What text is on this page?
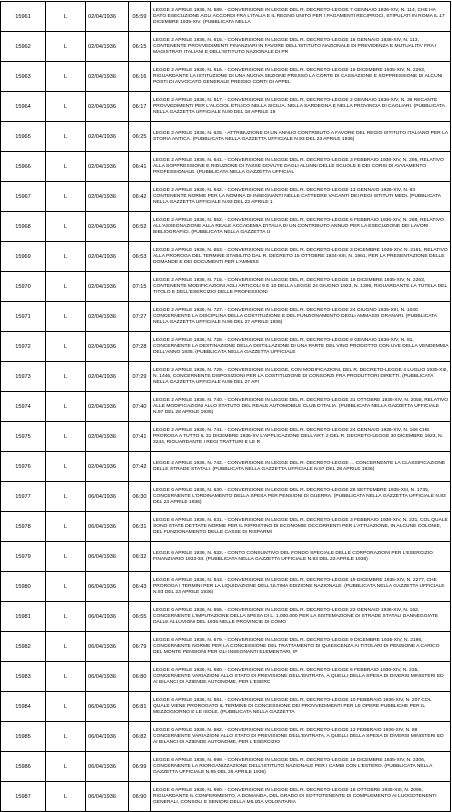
15961	L	02/04/1936	05:59	LEGGE 2 APRILE 1936, N. 589. - CONVERSIONE IN LEGGE DEL R. DECRETO-LEGGE 7 GENNAIO 1936-XIV, N. 114, CHE HA DATO ESECUZIONE AGLI ACCORDI FRA L'ITALIA E IL REGNO UNITO PER I PAGAMENTI RECIPROCI, STIPULATI IN ROMA IL 17 DICEMBRE 1935-XIV. (PUBBLICATA NELLA

15962	L	02/04/1936	06:15	LEGGE 2 APRILE 1936, N. 615. - CONVERSIONE IN LEGGE DEL R. DECRETO-LEGGE 16 GENNAIO 1936-XIV, N. 113, CONTENENTE PROVVEDIMENTI FINANZIARI IN FAVORE DELL'ISTITUTO NAZIONALE DI PREVIDENZA E MUTUALITA' FRA I MAGISTRATI ITALIANI E DELL'ISTITUTO NAZIONALE DI PR

15963	L	02/04/1936	06:16	LEGGE 2 APRILE 1936, N. 616. - CONVERSIONE IN LEGGE DEL R. DECRETO-LEGGE 16 DICEMBRE 1935-XIV, N. 2293, RIGUARDANTE LA ISTITUZIONE DI UNA NUOVA SEZIONE PRESSO LA CORTE DI CASSAZIONE E SOPPRESSIONE DI ALCUNI POSTI DI AVVOCATO GENERALE PRESSO CORTI DI APPEL

15964	L	02/04/1936	06:17	LEGGE 2 APRILE 1936, N. 617. - CONVERSIONE IN LEGGE DEL R. DECRETO-LEGGE 2 GENNAIO 1936-XIV, N. 39 RECANTE PROVVEDIMENTI PER L'ALCOOL ETILICO NELLA SICILIA, NELLA SARDEGNA E NELLA PROVINCIA DI CAGLIARI. (PUBBLICATA NELLA GAZZETTA UFFICIALE N.90 DEL 18 APRILE 19

15965	L	02/04/1936	06:25	LEGGE 2 APRILE 1936, N. 625. - ATTRIBUZIONE DI UN ANNUO CONTRIBUTO A FAVORE DEL REGIO ISTITUTO ITALIANO PER LA STORIA ANTICA. (PUBBLICATA NELLA GAZZETTA UFFICIALE N.93 DEL 23 APRILE 1936)

15966	L	02/04/1936	06:41	LEGGE 2 APRILE 1936, N. 641. - CONVERSIONE IN LEGGE DEL R. DECRETO-LEGGE 3 FEBBRAIO 1936-XIV, N. 295, RELATIVO ALLA SOPPRESSIONE E RIDUZIONE DI TASSE DOVUTE DAGLI ALUNNI DELLE SCUOLE E DEI CORSI DI AVVIAMENTO PROFESSIONALE. (PUBBLICATA NELLA GAZZETTA UFFICIAL

15967	L	02/04/1936	06:42	LEGGE 2 APRILE 1936, N. 642. - CONVERSIONE IN LEGGE DEL R. DECRETO-LEGGE 13 GENNAIO 1936-XIV, N. 93 CONTENENTE NORME PER LA NOMINA DI INSEGNANTI NELLE CATTEDRE VACANTI DEI REGI ISTITUTI MEDI. (PUBBLICATA NELLA GAZZETTA UFFICIALE N.93 DEL 23 APRILE 1

15968	L	02/04/1936	06:52	LEGGE 2 APRILE 1936, N. 652. - CONVERSIONE IN LEGGE DEL R. DECRETO-LEGGE 6 FEBBRAIO 1936-XIV, N. 288, RELATIVO ALL'ASSEGNAZIONE ALLA REALE ACCADEMIA D'ITALIA DI UN CONTRIBUTO ANNUO PER LA ESECUZIONE DEI LAVORI BIBLIOGRAFICI. (PUBBLICATA NELLA GAZZETTA U

15969	L	02/04/1936	06:53	LEGGE 2 APRILE 1936, N. 653. - CONVERSIONE IN LEGGE DEL R. DECRETO-LEGGE 3 DICEMBRE 1935-XIV, N. 2161, RELATIVO ALLA PROROGA DEL TERMINE STABILITO DAL R. DECRETO 15 OTTOBRE 1934-XIII, N. 1961, PER LA PRESENTAZIONE DELLE DOMANDE E DEI DOCUMENTI PER L'AMMISS

15970	L	02/04/1936	07:15	LEGGE 2 APRILE 1936, N. 715. - CONVERSIONE IN LEGGE DEL R. DECRETO-LEGGE 19 DICEMBRE 1935-XIV, N. 2263, CONTENENTE MODIFICAZIONI AGLI ARTICOLI 9 E 10 DELLA LEGGE 24 GIUGNO 1923, N. 1395, RIGUARDANTE LA TUTELA DEL TITOLO E DELL'ESERCIZIO DELLE PROFESSIONI

15971	L	02/04/1936	07:27	LEGGE 2 APRILE 1936, N. 727. - CONVERSIONE IN LEGGE DEL R. DECRETO-LEGGE 24 GIUGNO 1935-XIII, N. 1040 CONCERNENTE LA DISCIPLINA DELLA COSTITUZIONE E DEL FUNZIONAMENTO DEGLI AMMASSI GRANARI. (PUBBLICATA NELLA GAZZETTA UFFICIALE N.96 DEL 27 APRILE 1936)

15972	L	02/04/1936	07:28	LEGGE 2 APRILE 1936, N. 728. - CONVERSIONE IN LEGGE DEL R. DECRETO-LEGGE 9 GENNAIO 1936-XIV, N. 81, CONCERNENTE LA DESTINAZIONE DELLA DISTILLAZIONE DI UNA PARTE DEL VINO PRODOTTO CON UVE DELLA VENDEMMIA DELL'ANNO 1935. (PUBBLICATA NELLA GAZZETTA UFFICIALE

15973	L	02/04/1936	07:29	LEGGE 2 APRILE 1936, N. 729. - CONVERSIONE IN LEGGE, CON MODIFICAZIONI, DEL R. DECRETO-LEGGE 4 LUGLIO 1935-XIII, N. 1446, CONCERNENTE DISPOSIZIONI PER LA COSTITUZIONE DI CONSORZI FRA PRODUTTORI DIRETTI. (PUBBLICATA NELLA GAZZETTA UFFICIALE N.96 DEL 27 API

15974	L	02/04/1936	07:40	LEGGE 2 APRILE 1936, N. 740. - CONVERSIONE IN LEGGE DEL R. DECRETO-LEGGE 31 OTTOBRE 1935-XIV, N. 2058, RELATIVO ALLE MODIFICAZIONI ALLO STATUTO DEL REALE AUTOMOBILE CLUB D'ITALIA. (PUBBLICATA NELLA GAZZETTA UFFICIALE N.97 DEL 28 APRILE 1936)

15975	L	02/04/1936	07:41	LEGGE 2 APRILE 1936, N. 741. - CONVERSIONE IN LEGGE DEL R. DECRETO-LEGGE 24 GENNAIO 1936-XIV, N. 166 CHE PROROGA A TUTTO IL 31 DICEMBRE 1936-XV L'APPLICAZIONE DELL'ART. 2 DEL R. DECRETO-LEGGE 30 DICEMBRE 1923, N. 3244, RIGUARDANTE I REGI TRATTURI E LE R

15976	L	02/04/1936	07:42	LEGGE 2 APRILE 1936, N. 742. - CONVERSIONE IN LEGGE DEL R. DECRETO-LEGGE ... CONCERNENTE LA CLASSIFICAZIONE DELLE STRADE STATALI. (PUBBLICATA NELLA GAZZETTA UFFICIALE N.97 DEL 28 APRILE 1936)

15977	L	06/04/1936	06:30	LEGGE 6 APRILE 1936, N. 630. - CONVERSIONE IN LEGGE DEL R. DECRETO-LEGGE 28 SETTEMBRE 1935-XIII, N. 1735, CONCERNENTE L'ORDINAMENTO DELLA SPESA PER PENSIONI DI GUERRA. (PUBBLICATA NELLA GAZZETTA UFFICIALE N.93 DEL 23 APRILE 1936)

15978	L	06/04/1936	06:31	LEGGE 6 APRILE 1936, N. 631. - CONVERSIONE IN LEGGE DEL R. DECRETO-LEGGE 3 FEBBRAIO 1936-XIV, N. 231, COL QUALE SONO STATE DETTATE NORME PER IL RIPRISTINO DI ECONOMIE OCCORRENTI PER L'ATTUAZIONE, IN ALCUNE COLONIE, DEL FUNZIONAMENTO DELLE CASSE DI RISPARMI

15979	L	06/04/1936	06:32	LEGGE 6 APRILE 1936, N. 632. - CONTO CONSUNTIVO DEL FONDO SPECIALE DELLE CORPORAZIONI PER L'ESERCIZIO FINANZIARIO 1933-34. (PUBBLICATA NELLA GAZZETTA UFFICIALE N.93 DEL 23 APRILE 1936)

15980	L	06/04/1936	06:43	LEGGE 6 APRILE 1936, N. 643. - CONVERSIONE IN LEGGE DEL R. DECRETO-LEGGE 19 DICEMBRE 1935-XIV, N. 2277, CHE PROROGA I TERMINI PER LA LIQUIDAZIONE DELL'ULTIMA EDIZIONE NAZIONALE. (PUBBLICATA NELLA GAZZETTA UFFICIALE N.93 DEL 23 APRILE 1936)

15981	L	06/04/1936	06:55	LEGGE 6 APRILE 1936, N. 655. - CONVERSIONE IN LEGGE DEL R. DECRETO-LEGGE 23 GENNAIO 1936-XIV, N. 162, CONCERNENTE L'IMPUTAZIONE DELLA SPESA DI L. 1.000.000 PER LA SISTEMAZIONE DI STRADE STATALI DANNEGGIATE DALLE ALLUVIONI DEL 1935 NELLE PROVINCIE DI COMO

15982	L	06/04/1936	06:79	LEGGE 6 APRILE 1936, N. 679. - CONVERSIONE IN LEGGE DEL R. DECRETO-LEGGE 9 DICEMBRE 1935-XIV, N. 2196, CONCERNENTE NORME PER LA CONCESSIONE DEL TRATTAMENTO DI QUIESCENZA AI TITOLARI DI PENSIONE A CARICO DEL MONTE PENSIONI PER GLI INSEGNANTI ELEMENTARI, IP

15983	L	06/04/1936	06:80	LEGGE 6 APRILE 1936, N. 680. - CONVERSIONE IN LEGGE DEL R. DECRETO-LEGGE 6 FEBBRAIO 1936-XIV, N. 235, CONCERNENTE VARIAZIONI ALLO STATO DI PREVISIONE DELL'ENTRATA, A QUELLI DELLA SPESA DI DIVERSI MINISTERI ED AI BILANCI DI AZIENDE AUTONOME, PER L'ESERC

15984	L	06/04/1936	06:81	LEGGE 6 APRILE 1936, N. 681. - CONVERSIONE IN LEGGE DEL R. DECRETO-LEGGE 10 FEBBRAIO 1936-XIV, N. 207 COL QUALE VIENE PROROGATO IL TERMINE DI CONCESSIONE DEI PROVVEDIMENTI PER LE OPERE PUBBLICHE PER IL MEZZOGIORNO E LE ISOLE. (PUBBLICATA NELLA GAZZETTA

15985	L	06/04/1936	06:82	LEGGE 6 APRILE 1936, N. 682. - CONVERSIONE IN LEGGE DEL R. DECRETO-LEGGE 13 FEBBRAIO 1936-XIV, N. 88 CONCERNENTE VARIAZIONI ALLO STATO DI PREVISIONE DELL'ENTRATA, A QUELLI DELLA SPESA DI DIVERSI MINISTERI ED AI BILANCI DI AZIENDE AUTONOME, PER L'ESERCIZIO

15986	L	06/04/1936	06:99	LEGGE 6 APRILE 1936, N. 699. - CONVERSIONE IN LEGGE DEL R. DECRETO-LEGGE 19 DICEMBRE 1935-XIV, N. 2306, CONCERNENTE LA RIORGANIZZAZIONE DELL'ISTITUTO NAZIONALE PER I CAMBI CON L'ESTERO. (PUBBLICATA NELLA GAZZETTA UFFICIALE N.95 DEL 25 APRILE 1936)

15987	L	06/04/1936	06:90	LEGGE 6 APRILE 1936, N. 690. - CONVERSIONE IN LEGGE DEL R. DECRETO-LEGGE 18 OTTOBRE 1935-XIII, N. 2096, RIGUARDANTE IL CONFERIMENTO, A DOMANDA, DEL GRADO DI SOTTOTENENTE DI COMPLEMENTO AI LUOGOTENENTI GENERALI, CONSOLI E SENIORI DELLA MILIZIA VOLONTARIA
